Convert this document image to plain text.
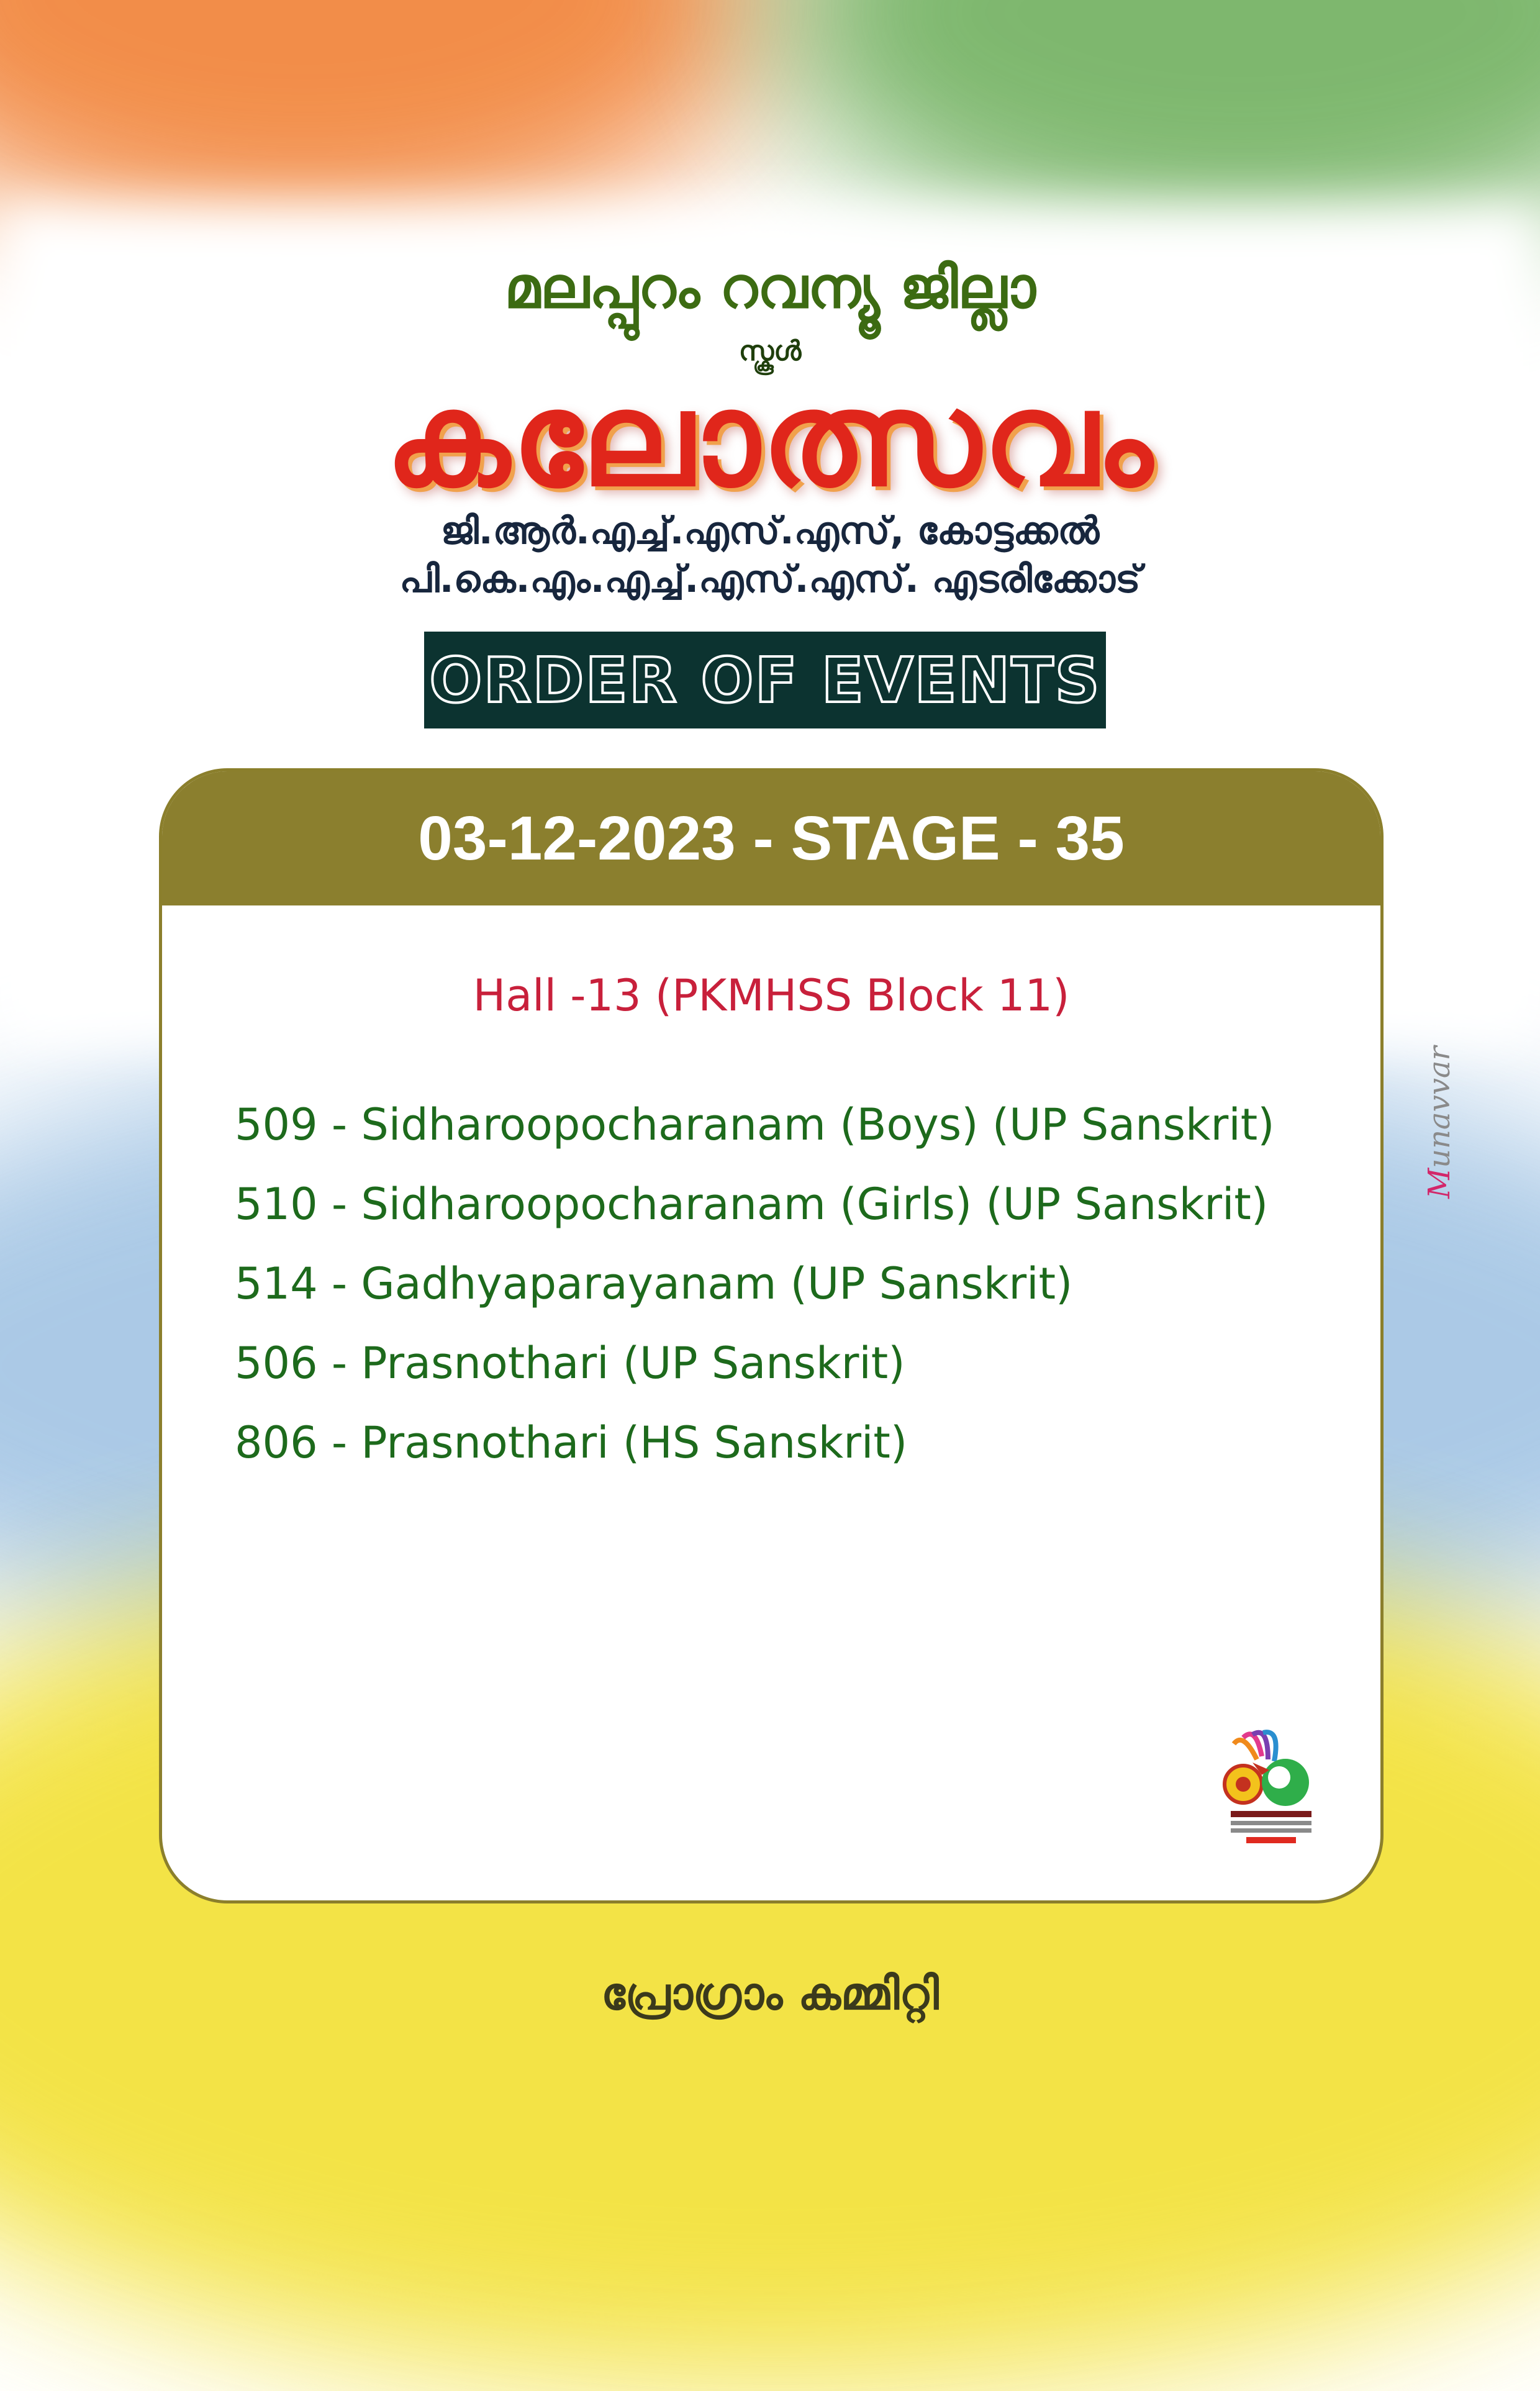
മലപ്പുറം റവന്യൂ ജില്ലാ
സ്കൂൾ
കലോത്സവം
ജി.ആർ.എച്ച്.എസ്.എസ്, കോട്ടക്കൽ
പി.കെ.എം.എച്ച്.എസ്.എസ്. എടരിക്കോട്
ORDER OF EVENTS
03-12-2023 - STAGE - 35
Hall -13 (PKMHSS Block 11)
509 - Sidharoopocharanam (Boys) (UP Sanskrit)
510 - Sidharoopocharanam (Girls) (UP Sanskrit)
514 - Gadhyaparayanam (UP Sanskrit)
506 - Prasnothari (UP Sanskrit)
806 - Prasnothari (HS Sanskrit)
Munavvar
പ്രോഗ്രാം കമ്മിറ്റി
